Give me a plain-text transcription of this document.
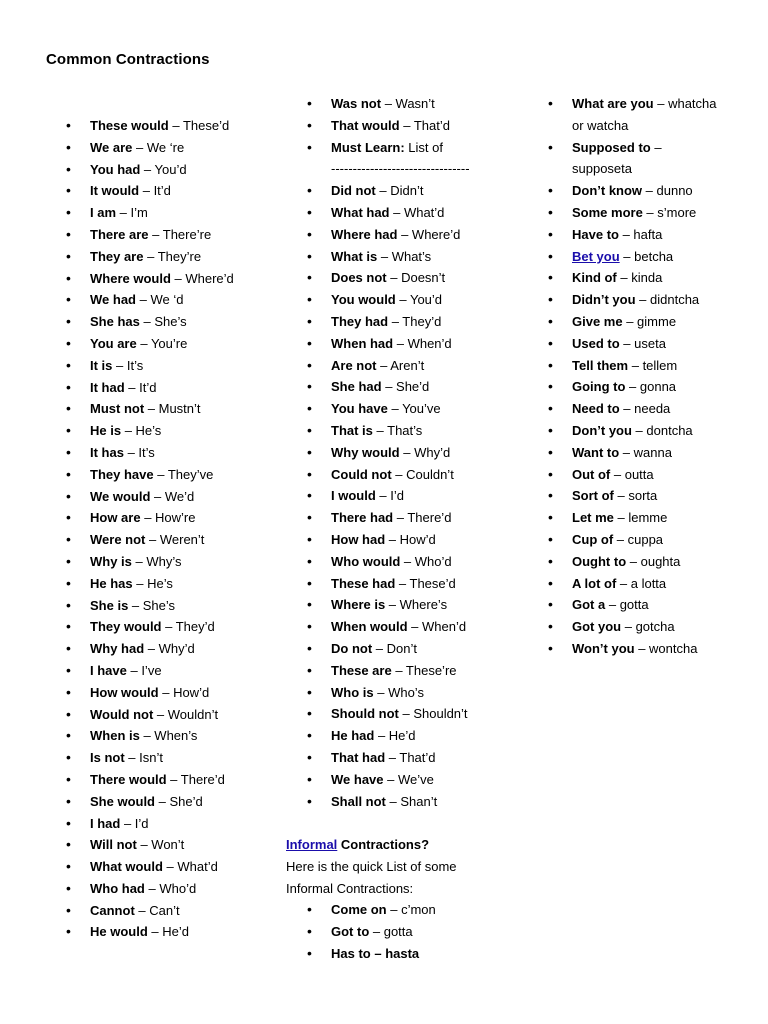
Common Contractions
• These would – These’d
• We are – We ‘re
• You had – You’d
• It would – It’d
• I am – I’m
• There are – There’re
• They are – They’re
• Where would – Where’d
• We had – We ‘d
• She has – She’s
• You are – You’re
• It is – It’s
• It had – It’d
• Must not – Mustn’t
• He is – He’s
• It has – It’s
• They have – They’ve
• We would – We’d
• How are – How’re
• Were not – Weren’t
• Why is – Why’s
• He has – He’s
• She is – She’s
• They would – They’d
• Why had – Why’d
• I have – I’ve
• How would – How’d
• Would not – Wouldn’t
• When is – When’s
• Is not – Isn’t
• There would – There’d
• She would – She’d
• I had – I’d
• Will not – Won’t
• What would – What’d
• Who had – Who’d
• Cannot – Can’t
• He would – He’d
• Was not – Wasn’t
• That would – That’d
• Must Learn: List of
--------------------------------
• Did not – Didn’t
• What had – What’d
• Where had – Where’d
• What is – What’s
• Does not – Doesn’t
• You would – You’d
• They had – They’d
• When had – When’d
• Are not – Aren’t
• She had – She’d
• You have – You’ve
• That is – That’s
• Why would – Why’d
• Could not – Couldn’t
• I would – I’d
• There had – There’d
• How had – How’d
• Who would – Who’d
• These had – These’d
• Where is – Where’s
• When would – When’d
• Do not – Don’t
• These are – These’re
• Who is – Who’s
• Should not – Shouldn’t
• He had – He’d
• That had – That’d
• We have – We’ve
• Shall not – Shan’t
• What are you – whatcha or watcha
• Supposed to – supposeta
• Don’t know – dunno
• Some more – s’more
• Have to – hafta
• Bet you – betcha
• Kind of – kinda
• Didn’t you – didntcha
• Give me – gimme
• Used to – useta
• Tell them – tellem
• Going to – gonna
• Need to – needa
• Don’t you – dontcha
• Want to – wanna
• Out of – outta
• Sort of – sorta
• Let me – lemme
• Cup of – cuppa
• Ought to – oughta
• A lot of – a lotta
• Got a – gotta
• Got you – gotcha
• Won’t you – wontcha
Informal Contractions?
Here is the quick List of some
Informal Contractions:
• Come on – c’mon
• Got to – gotta
• Has to – hasta
